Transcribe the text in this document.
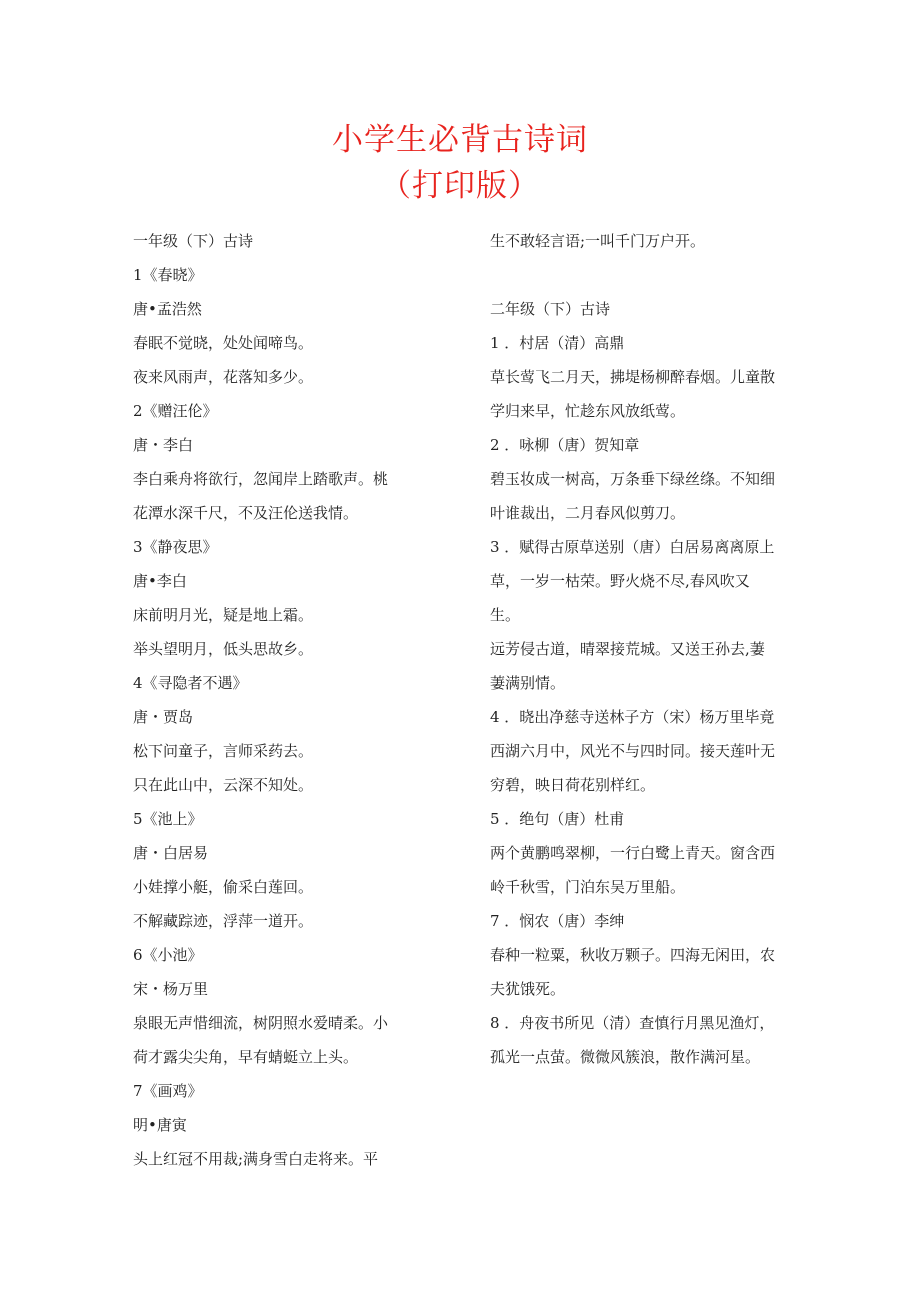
小学生必背古诗词
（打印版）
一年级（下）古诗
1《春晓》
唐•孟浩然
春眠不觉晓，处处闻啼鸟。
夜来风雨声，花落知多少。
2《赠汪伦》
唐・李白
李白乘舟将欲行，忽闻岸上踏歌声。桃
花潭水深千尺，不及汪伦送我情。
3《静夜思》
唐•李白
床前明月光，疑是地上霜。
举头望明月，低头思故乡。
4《寻隐者不遇》
唐・贾岛
松下问童子，言师采药去。
只在此山中，云深不知处。
5《池上》
唐・白居易
小娃撑小艇，偷采白莲回。
不解藏踪迹，浮萍一道开。
6《小池》
宋・杨万里
泉眼无声惜细流，树阴照水爱晴柔。小
荷才露尖尖角，早有蜻蜓立上头。
7《画鸡》
明•唐寅
头上红冠不用裁;满身雪白走将来。平
生不敢轻言语;一叫千门万户开。
二年级（下）古诗
1 ．村居（清）高鼎
草长莺飞二月天，拂堤杨柳醉春烟。儿童散
学归来早，忙趁东风放纸莺。
2 ．咏柳（唐）贺知章
碧玉妆成一树高，万条垂下绿丝绦。不知细
叶谁裁出，二月春风似剪刀。
3 ．赋得古原草送别（唐）白居易离离原上
草，一岁一枯荣。野火烧不尽,春风吹又
生。
远芳侵古道，晴翠接荒城。又送王孙去,萋
萋满别情。
4 ．晓出净慈寺送林子方（宋）杨万里毕竟
西湖六月中，风光不与四时同。接天莲叶无
穷碧，映日荷花别样红。
5 ．绝句（唐）杜甫
两个黄鹏鸣翠柳，一行白鹭上青天。窗含西
岭千秋雪，门泊东吴万里船。
7 ．悯农（唐）李绅
春种一粒粟，秋收万颗子。四海无闲田，农
夫犹饿死。
8 ．舟夜书所见（清）查慎行月黑见渔灯，
孤光一点萤。微微风簇浪，散作满河星。
